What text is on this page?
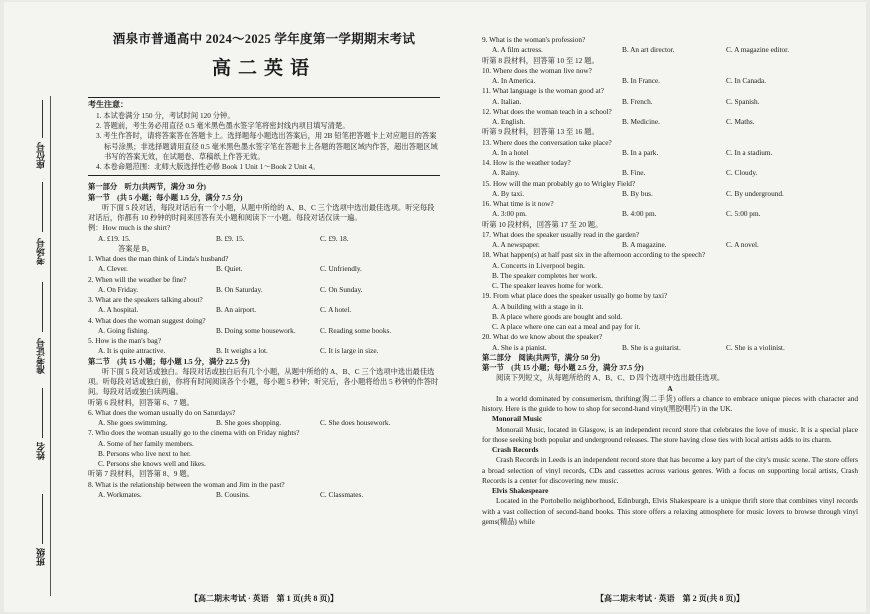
座位号
考场号
准考证号
姓名
班级
酒泉市普通高中 2024～2025 学年度第一学期期末考试
高二英语
考生注意：
1. 本试卷满分 150 分，考试时间 120 分钟。
2. 答题前，考生务必用直径 0.5 毫米黑色墨水签字笔将密封线内项目填写清楚。
3. 考生作答时，请将答案答在答题卡上。选择题每小题选出答案后，用 2B 铅笔把答题卡上对应题目的答案标号涂黑；非选择题请用直径 0.5 毫米黑色墨水签字笔在答题卡上各题的答题区域内作答，超出答题区域书写的答案无效，在试题卷、草稿纸上作答无效。
4. 本卷命题范围：北师大版选择性必修 Book 1 Unit 1～Book 2 Unit 4。
第一部分　听力(共两节，满分 30 分)
第一节　(共 5 小题；每小题 1.5 分，满分 7.5 分)
听下面 5 段对话，每段对话后有一个小题，从题中所给的 A、B、C 三个选项中选出最佳选项。听完每段对话后，你都有 10 秒钟的时间来回答有关小题和阅读下一小题。每段对话仅读一遍。
例：How much is the shirt?
A. £19. 15.	B. £9. 15.	C. £9. 18.
答案是 B。
1. What does the man think of Linda's husband?
A. Clever.	B. Quiet.	C. Unfriendly.
2. When will the weather be fine?
A. On Friday.	B. On Saturday.	C. On Sunday.
3. What are the speakers talking about?
A. A hospital.	B. An airport.	C. A hotel.
4. What does the woman suggest doing?
A. Going fishing.	B. Doing some housework.	C. Reading some books.
5. How is the man's bag?
A. It is quite attractive.	B. It weighs a lot.	C. It is large in size.
第二节　(共 15 小题；每小题 1.5 分，满分 22.5 分)
听下面 5 段对话或独白。每段对话或独白后有几个小题，从题中所给的 A、B、C 三个选项中选出最佳选项。听每段对话或独白前，你将有时间阅读各个小题，每小题 5 秒钟；听完后，各小题将给出 5 秒钟的作答时间。每段对话或独白读两遍。
听第 6 段材料，回答第 6、7 题。
6. What does the woman usually do on Saturdays?
A. She goes swimming.	B. She goes shopping.	C. She does housework.
7. Who does the woman usually go to the cinema with on Friday nights?
A. Some of her family members.
B. Persons who live next to her.
C. Persons she knows well and likes.
听第 7 段材料，回答第 8、9 题。
8. What is the relationship between the woman and Jim in the past?
A. Workmates.	B. Cousins.	C. Classmates.
【高二期末考试 · 英语　第 1 页(共 8 页)】
9. What is the woman's profession?
A. A film actress.	B. An art director.	C. A magazine editor.
听第 8 段材料，回答第 10 至 12 题。
10. Where does the woman live now?
A. In America.	B. In France.	C. In Canada.
11. What language is the woman good at?
A. Italian.	B. French.	C. Spanish.
12. What does the woman teach in a school?
A. English.	B. Medicine.	C. Maths.
听第 9 段材料，回答第 13 至 16 题。
13. Where does the conversation take place?
A. In a hotel	B. In a park.	C. In a stadium.
14. How is the weather today?
A. Rainy.	B. Fine.	C. Cloudy.
15. How will the man probably go to Wrigley Field?
A. By taxi.	B. By bus.	C. By underground.
16. What time is it now?
A. 3:00 pm.	B. 4:00 pm.	C. 5:00 pm.
听第 10 段材料，回答第 17 至 20 题。
17. What does the speaker usually read in the garden?
A. A newspaper.	B. A magazine.	C. A novel.
18. What happen(s) at half past six in the afternoon according to the speech?
A. Concerts in Liverpool begin.
B. The speaker completes her work.
C. The speaker leaves home for work.
19. From what place does the speaker usually go home by taxi?
A. A building with a stage in it.
B. A place where goods are bought and sold.
C. A place where one can eat a meal and pay for it.
20. What do we know about the speaker?
A. She is a pianist.	B. She is a guitarist.	C. She is a violinist.
第二部分　阅读(共两节，满分 50 分)
第一节　(共 15 小题；每小题 2.5 分，满分 37.5 分)
阅读下列短文，从每题所给的 A、B、C、D 四个选项中选出最佳选项。
A
In a world dominated by consumerism, thrifting(淘二手货) offers a chance to embrace unique pieces with character and history. Here is the guide to how to shop for second-hand vinyl(黑胶唱片) in the UK.
Monorail Music
Monorail Music, located in Glasgow, is an independent record store that celebrates the love of music. It is a special place for those seeking both popular and underground releases. The store having close ties with local artists adds to its charm.
Crash Records
Crash Records in Leeds is an independent record store that has become a key part of the city's music scene. The store offers a broad selection of vinyl records, CDs and cassettes across various genres. With a focus on supporting local artists, Crash Records is a center for discovering new music.
Elvis Shakespeare
Located in the Portobello neighborhood, Edinburgh, Elvis Shakespeare is a unique thrift store that combines vinyl records with a vast collection of second-hand books. This store offers a relaxing atmosphere for music lovers to browse through vinyl gems(精品) while
【高二期末考试 · 英语　第 2 页(共 8 页)】
